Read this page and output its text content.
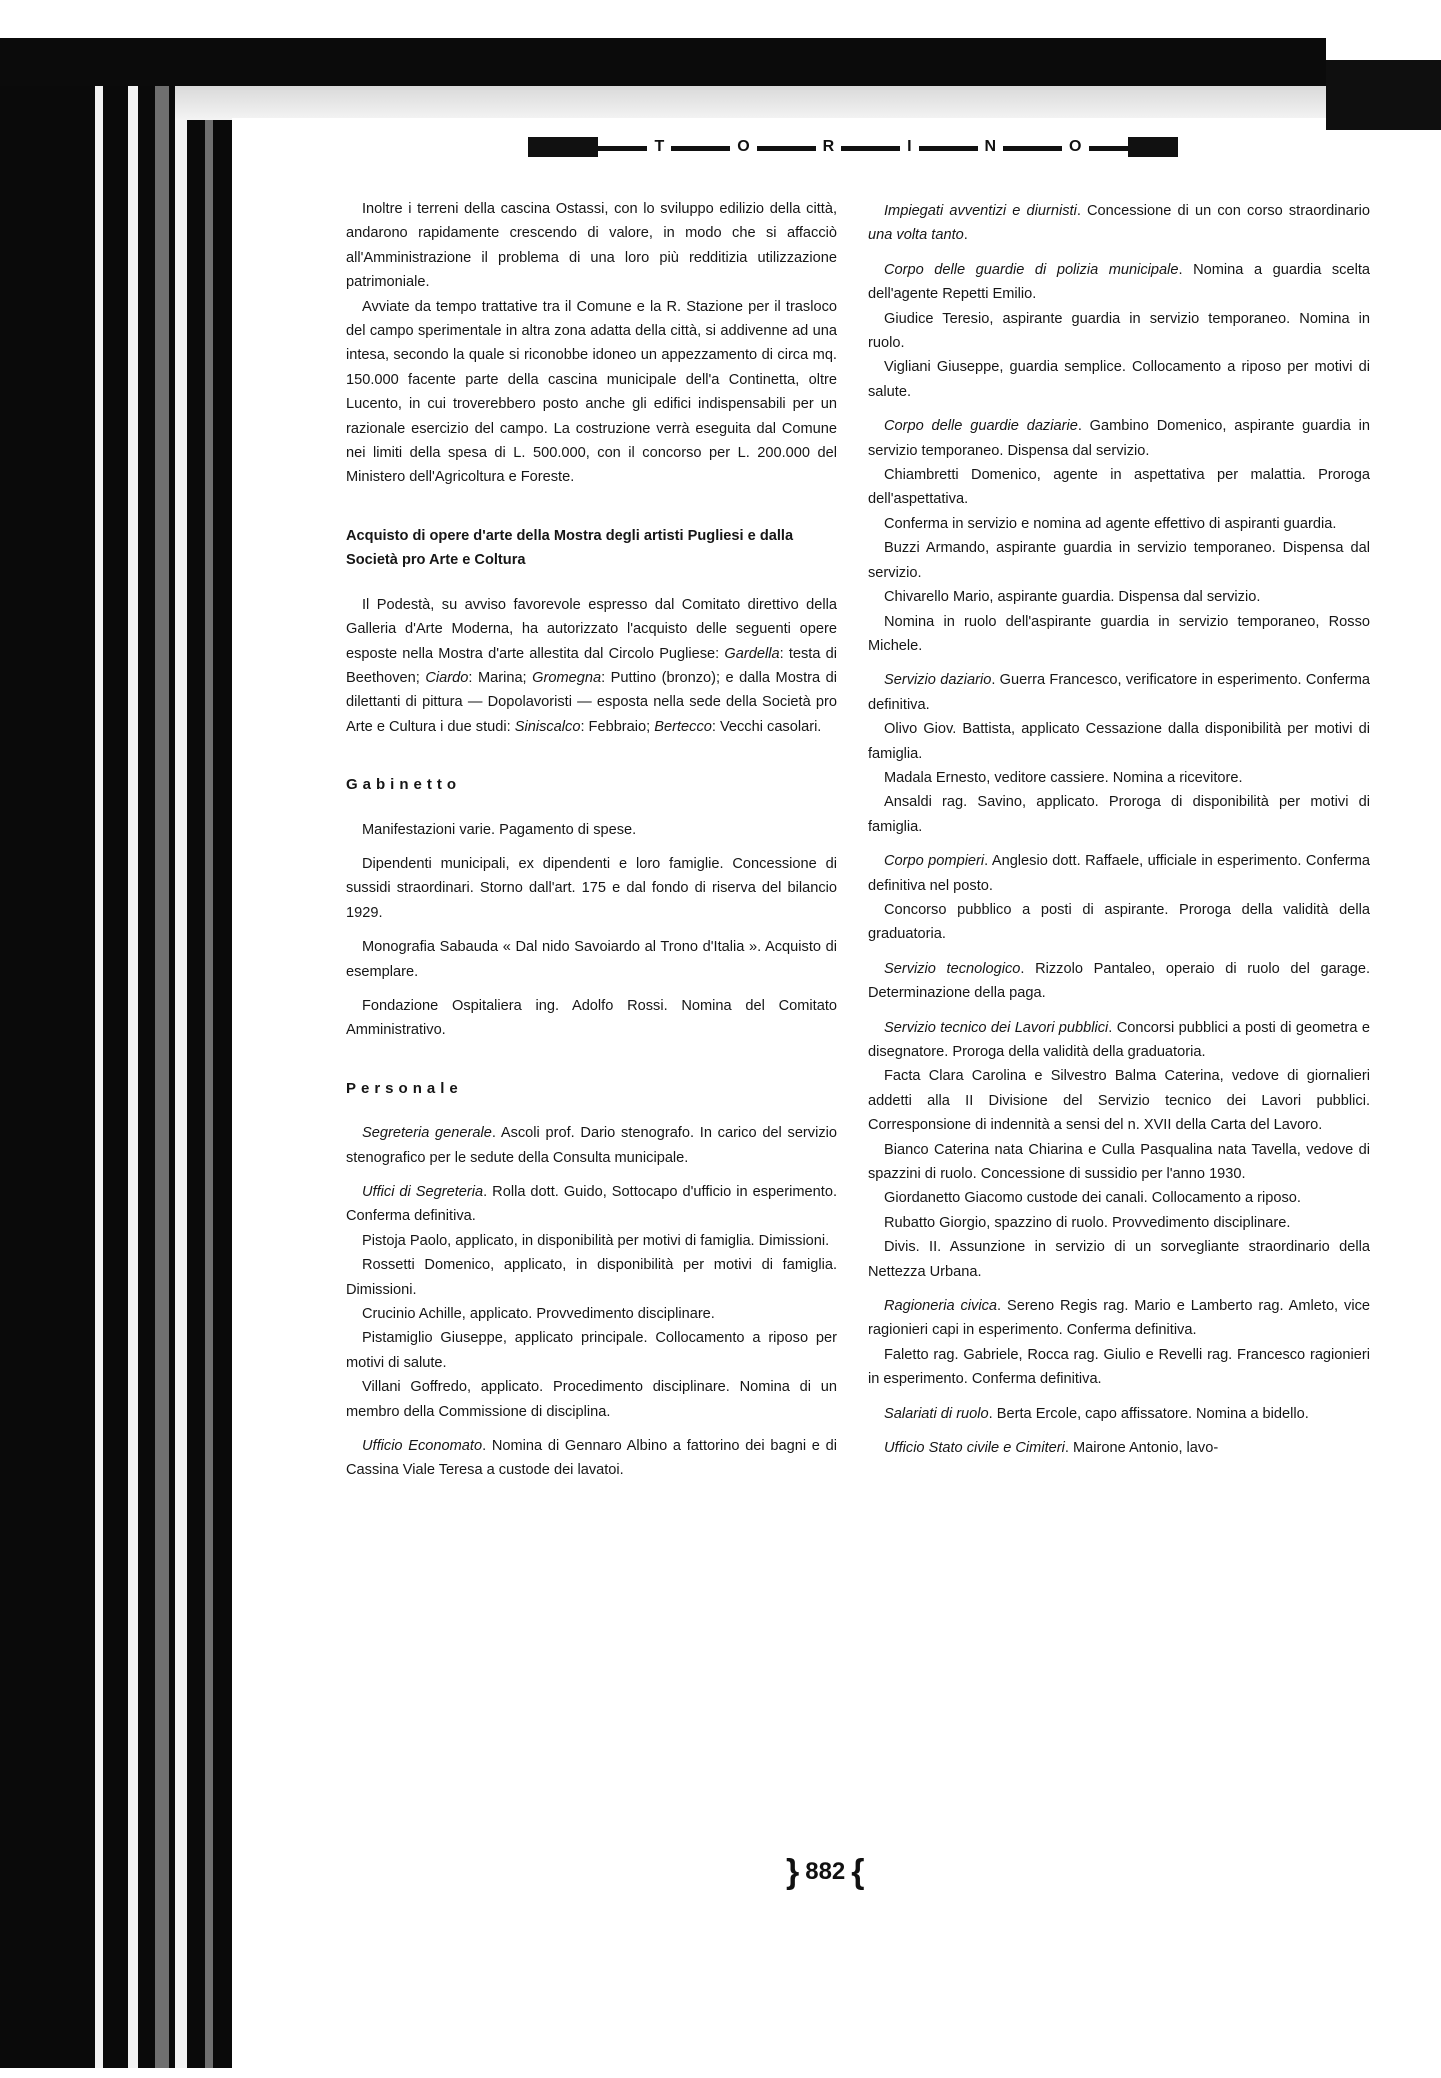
T	O	R	I	N	O

Inoltre i terreni della cascina Ostassi, con lo sviluppo edilizio della città, andarono rapidamente crescendo di valore, in modo che si affacciò all'Amministrazione il problema di una loro più redditizia utilizzazione patrimoniale.

Avviate da tempo trattative tra il Comune e la R. Stazione per il trasloco del campo sperimentale in altra zona adatta della città, si addivenne ad una intesa, secondo la quale si riconobbe idoneo un appezzamento di circa mq. 150.000 facente parte della cascina municipale dell'a Continetta, oltre Lucento, in cui troverebbero posto anche gli edifici indispensabili per un razionale esercizio del campo. La costruzione verrà eseguita dal Comune nei limiti della spesa di L. 500.000, con il concorso per L. 200.000 del Ministero dell'Agricoltura e Foreste.

Acquisto di opere d'arte della Mostra degli artisti Pugliesi e dalla Società pro Arte e Coltura

Il Podestà, su avviso favorevole espresso dal Comitato direttivo della Galleria d'Arte Moderna, ha autorizzato l'acquisto delle seguenti opere esposte nella Mostra d'arte allestita dal Circolo Pugliese: Gardella: testa di Beethoven; Ciardo: Marina; Gromegna: Puttino (bronzo); e dalla Mostra di dilettanti di pittura — Dopolavoristi — esposta nella sede della Società pro Arte e Cultura i due studi: Siniscalco: Febbraio; Bertecco: Vecchi casolari.

Gabinetto

Manifestazioni varie. Pagamento di spese.

Dipendenti municipali, ex dipendenti e loro famiglie. Concessione di sussidi straordinari. Storno dall'art. 175 e dal fondo di riserva del bilancio 1929.

Monografia Sabauda « Dal nido Savoiardo al Trono d'Italia ». Acquisto di esemplare.

Fondazione Ospitaliera ing. Adolfo Rossi. Nomina del Comitato Amministrativo.

Personale

Segreteria generale. Ascoli prof. Dario stenografo. In carico del servizio stenografico per le sedute della Consulta municipale.

Uffici di Segreteria. Rolla dott. Guido, Sottocapo d'ufficio in esperimento. Conferma definitiva.

Pistoja Paolo, applicato, in disponibilità per motivi di famiglia. Dimissioni.

Rossetti Domenico, applicato, in disponibilità per motivi di famiglia. Dimissioni.

Crucinio Achille, applicato. Provvedimento disciplinare.

Pistamiglio Giuseppe, applicato principale. Collocamento a riposo per motivi di salute.

Villani Goffredo, applicato. Procedimento disciplinare. Nomina di un membro della Commissione di disciplina.

Ufficio Economato. Nomina di Gennaro Albino a fattorino dei bagni e di Cassina Viale Teresa a custode dei lavatoi.

Impiegati avventizi e diurnisti. Concessione di un con corso straordinario una volta tanto.

Corpo delle guardie di polizia municipale. Nomina a guardia scelta dell'agente Repetti Emilio.

Giudice Teresio, aspirante guardia in servizio temporaneo. Nomina in ruolo.

Vigliani Giuseppe, guardia semplice. Collocamento a riposo per motivi di salute.

Corpo delle guardie daziarie. Gambino Domenico, aspirante guardia in servizio temporaneo. Dispensa dal servizio.

Chiambretti Domenico, agente in aspettativa per malattia. Proroga dell'aspettativa.

Conferma in servizio e nomina ad agente effettivo di aspiranti guardia.

Buzzi Armando, aspirante guardia in servizio temporaneo. Dispensa dal servizio.

Chivarello Mario, aspirante guardia. Dispensa dal servizio.

Nomina in ruolo dell'aspirante guardia in servizio temporaneo, Rosso Michele.

Servizio daziario. Guerra Francesco, verificatore in esperimento. Conferma definitiva.

Olivo Giov. Battista, applicato Cessazione dalla disponibilità per motivi di famiglia.

Madala Ernesto, veditore cassiere. Nomina a ricevitore.

Ansaldi rag. Savino, applicato. Proroga di disponibilità per motivi di famiglia.

Corpo pompieri. Anglesio dott. Raffaele, ufficiale in esperimento. Conferma definitiva nel posto.

Concorso pubblico a posti di aspirante. Proroga della validità della graduatoria.

Servizio tecnologico. Rizzolo Pantaleo, operaio di ruolo del garage. Determinazione della paga.

Servizio tecnico dei Lavori pubblici. Concorsi pubblici a posti di geometra e disegnatore. Proroga della validità della graduatoria.

Facta Clara Carolina e Silvestro Balma Caterina, vedove di giornalieri addetti alla II Divisione del Servizio tecnico dei Lavori pubblici. Corresponsione di indennità a sensi del n. XVII della Carta del Lavoro.

Bianco Caterina nata Chiarina e Culla Pasqualina nata Tavella, vedove di spazzini di ruolo. Concessione di sussidio per l'anno 1930.

Giordanetto Giacomo custode dei canali. Collocamento a riposo.

Rubatto Giorgio, spazzino di ruolo. Provvedimento disciplinare.

Divis. II. Assunzione in servizio di un sorvegliante straordinario della Nettezza Urbana.

Ragioneria civica. Sereno Regis rag. Mario e Lamberto rag. Amleto, vice ragionieri capi in esperimento. Conferma definitiva.

Faletto rag. Gabriele, Rocca rag. Giulio e Revelli rag. Francesco ragionieri in esperimento. Conferma definitiva.

Salariati di ruolo. Berta Ercole, capo affissatore. Nomina a bidello.

Ufficio Stato civile e Cimiteri. Mairone Antonio, lavo-

} 882 {
